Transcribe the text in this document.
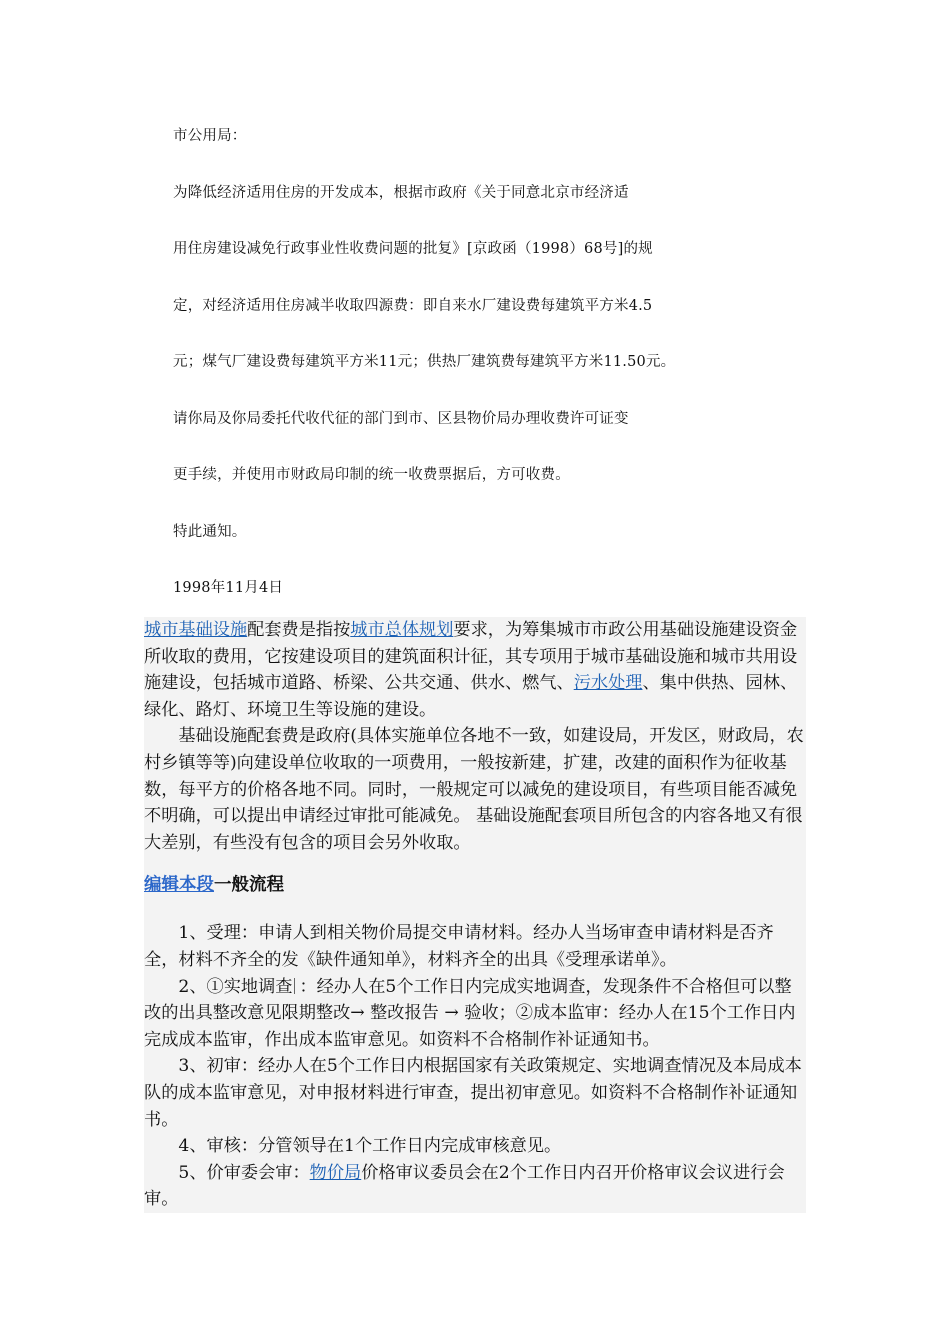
市公用局：

为降低经济适用住房的开发成本，根据市政府《关于同意北京市经济适

用住房建设减免行政事业性收费问题的批复》[京政函（1998）68号]的规

定，对经济适用住房减半收取四源费：即自来水厂建设费每建筑平方米4.5

元；煤气厂建设费每建筑平方米11元；供热厂建筑费每建筑平方米11.50元。

请你局及你局委托代收代征的部门到市、区县物价局办理收费许可证变

更手续，并使用市财政局印制的统一收费票据后，方可收费。

特此通知。

1998年11月4日

城市基础设施配套费是指按城市总体规划要求，为筹集城市市政公用基础设施建设资金所收取的费用，它按建设项目的建筑面积计征，其专项用于城市基础设施和城市共用设施建设，包括城市道路、桥梁、公共交通、供水、燃气、污水处理、集中供热、园林、绿化、路灯、环境卫生等设施的建设。

基础设施配套费是政府(具体实施单位各地不一致，如建设局，开发区，财政局，农村乡镇等等)向建设单位收取的一项费用，一般按新建，扩建，改建的面积作为征收基数，每平方的价格各地不同。同时，一般规定可以减免的建设项目，有些项目能否减免不明确，可以提出申请经过审批可能减免。 基础设施配套项目所包含的内容各地又有很大差别，有些没有包含的项目会另外收取。

编辑本段一般流程

1、受理：申请人到相关物价局提交申请材料。经办人当场审查申请材料是否齐全，材料不齐全的发《缺件通知单》，材料齐全的出具《受理承诺单》。

2、①实地调查 ：经办人在5个工作日内完成实地调查，发现条件不合格但可以整改的出具整改意见限期整改→ 整改报告 → 验收；②成本监审：经办人在15个工作日内完成成本监审，作出成本监审意见。如资料不合格制作补证通知书。

3、初审：经办人在5个工作日内根据国家有关政策规定、实地调查情况及本局成本队的成本监审意见，对申报材料进行审查，提出初审意见。如资料不合格制作补证通知书。

4、审核：分管领导在1个工作日内完成审核意见。

5、价审委会审：物价局价格审议委员会在2个工作日内召开价格审议会议进行会审。
